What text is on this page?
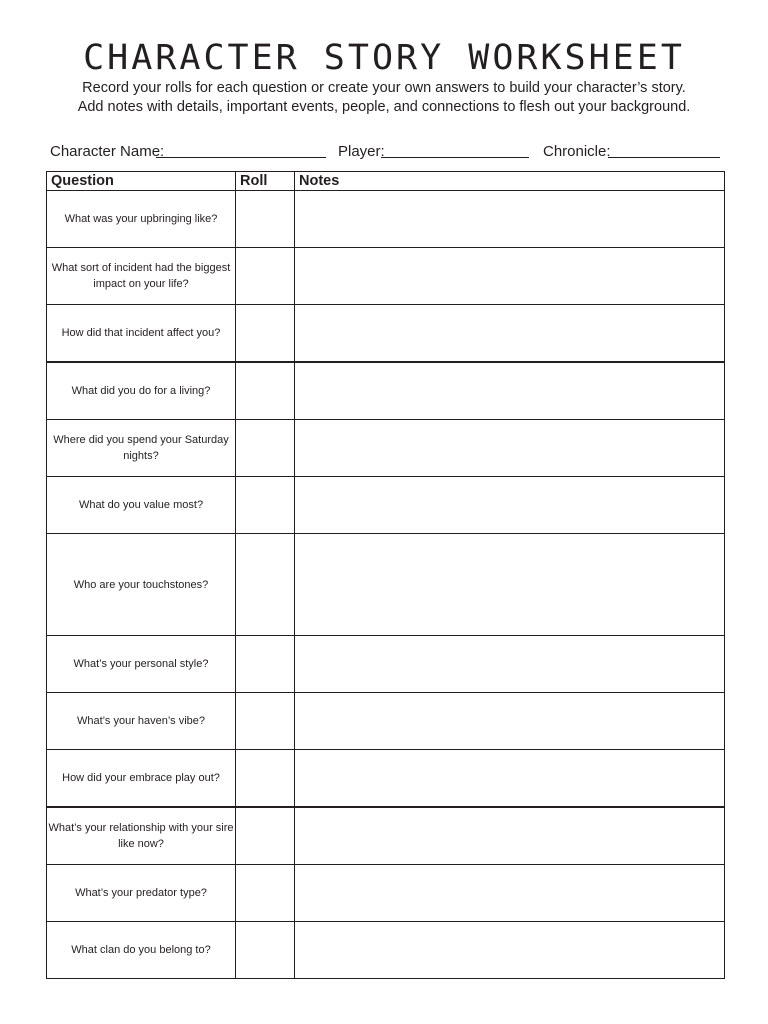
CHARACTER STORY WORKSHEET
Record your rolls for each question or create your own answers to build your character’s story.
Add notes with details, important events, people, and connections to flesh out your background.
Character Name:	Player:	Chronicle:
Question	Roll	Notes
What was your upbringing like?		
What sort of incident had the biggest impact on your life?		
How did that incident affect you?		
What did you do for a living?		
Where did you spend your Saturday nights?		
What do you value most?		
Who are your touchstones?		
What’s your personal style?		
What’s your haven’s vibe?		
How did your embrace play out?		
What’s your relationship with your sire like now?		
What’s your predator type?		
What clan do you belong to?		
